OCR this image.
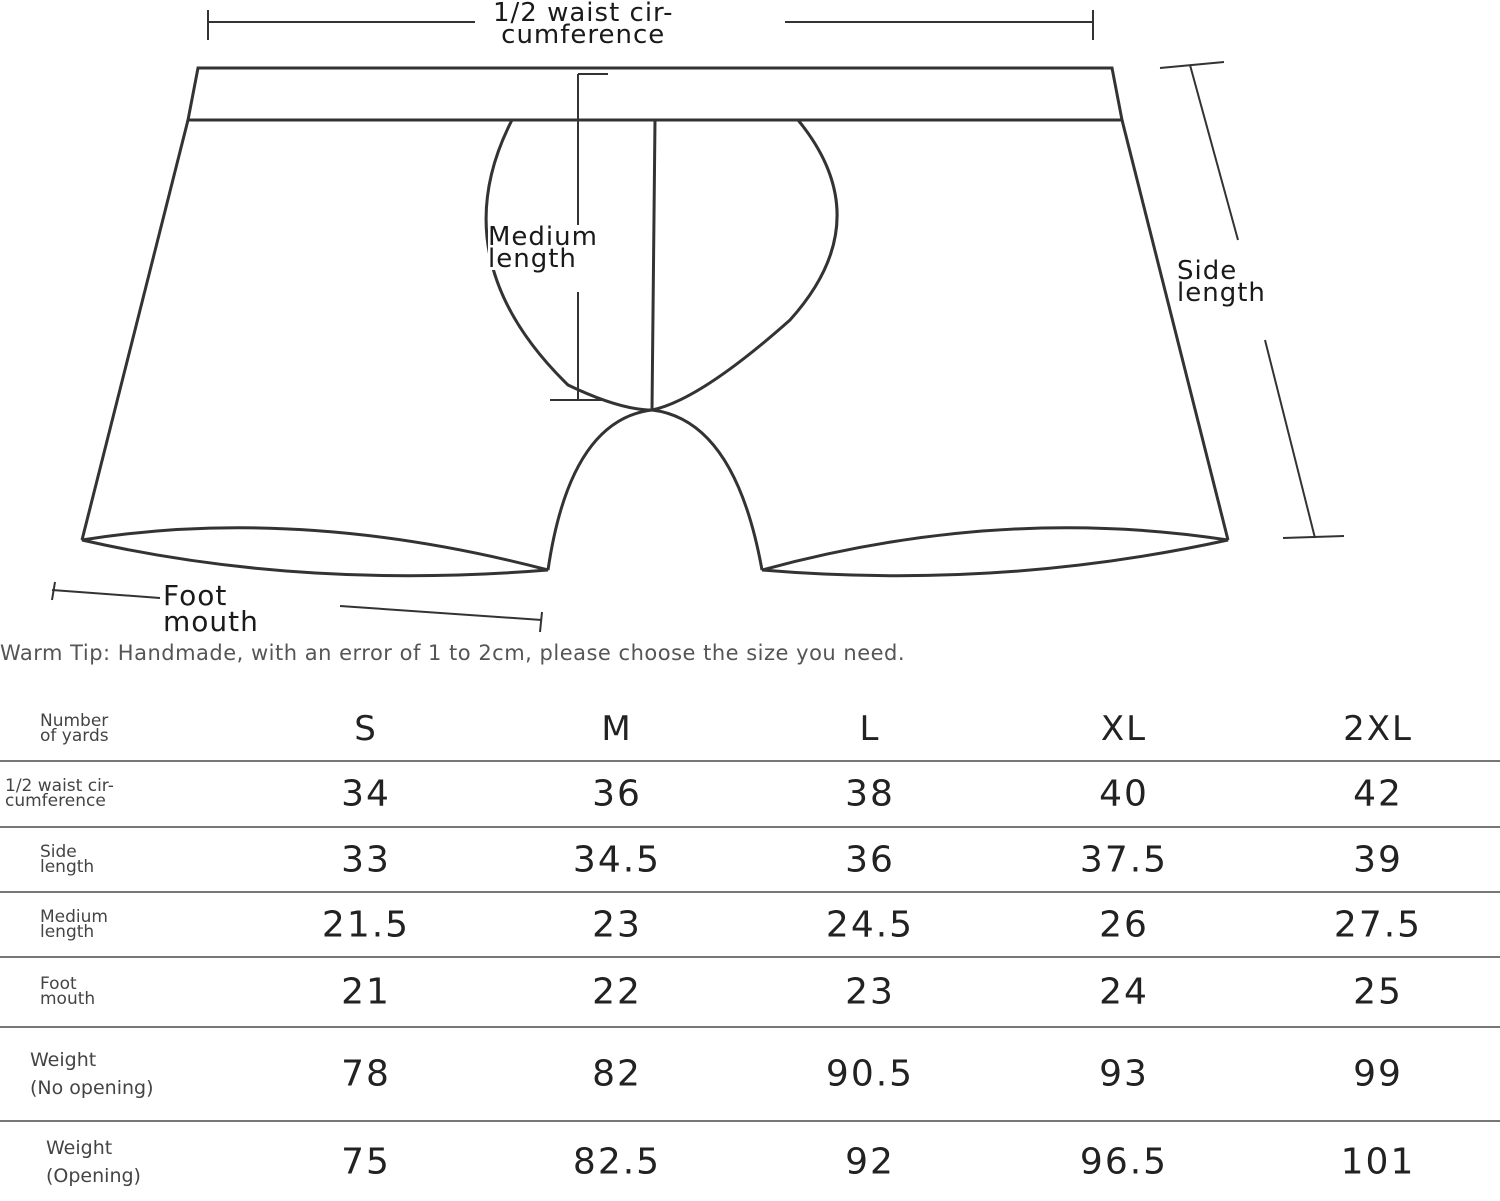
1/2 waist cir-
cumference
Medium
length	Side
length
Foot
mouth
Warm Tip: Handmade, with an error of 1 to 2cm, please choose the size you need.
Number
of yards	S	M	L	XL	2XL
1/2 waist cir-
cumference	34	36	38	40	42
Side
length	33	34.5	36	37.5	39
Medium
length	21.5	23	24.5	26	27.5
Foot
mouth	21	22	23	24	25
Weight
(No opening)	78	82	90.5	93	99
Weight
(Opening)	75	82.5	92	96.5	101
